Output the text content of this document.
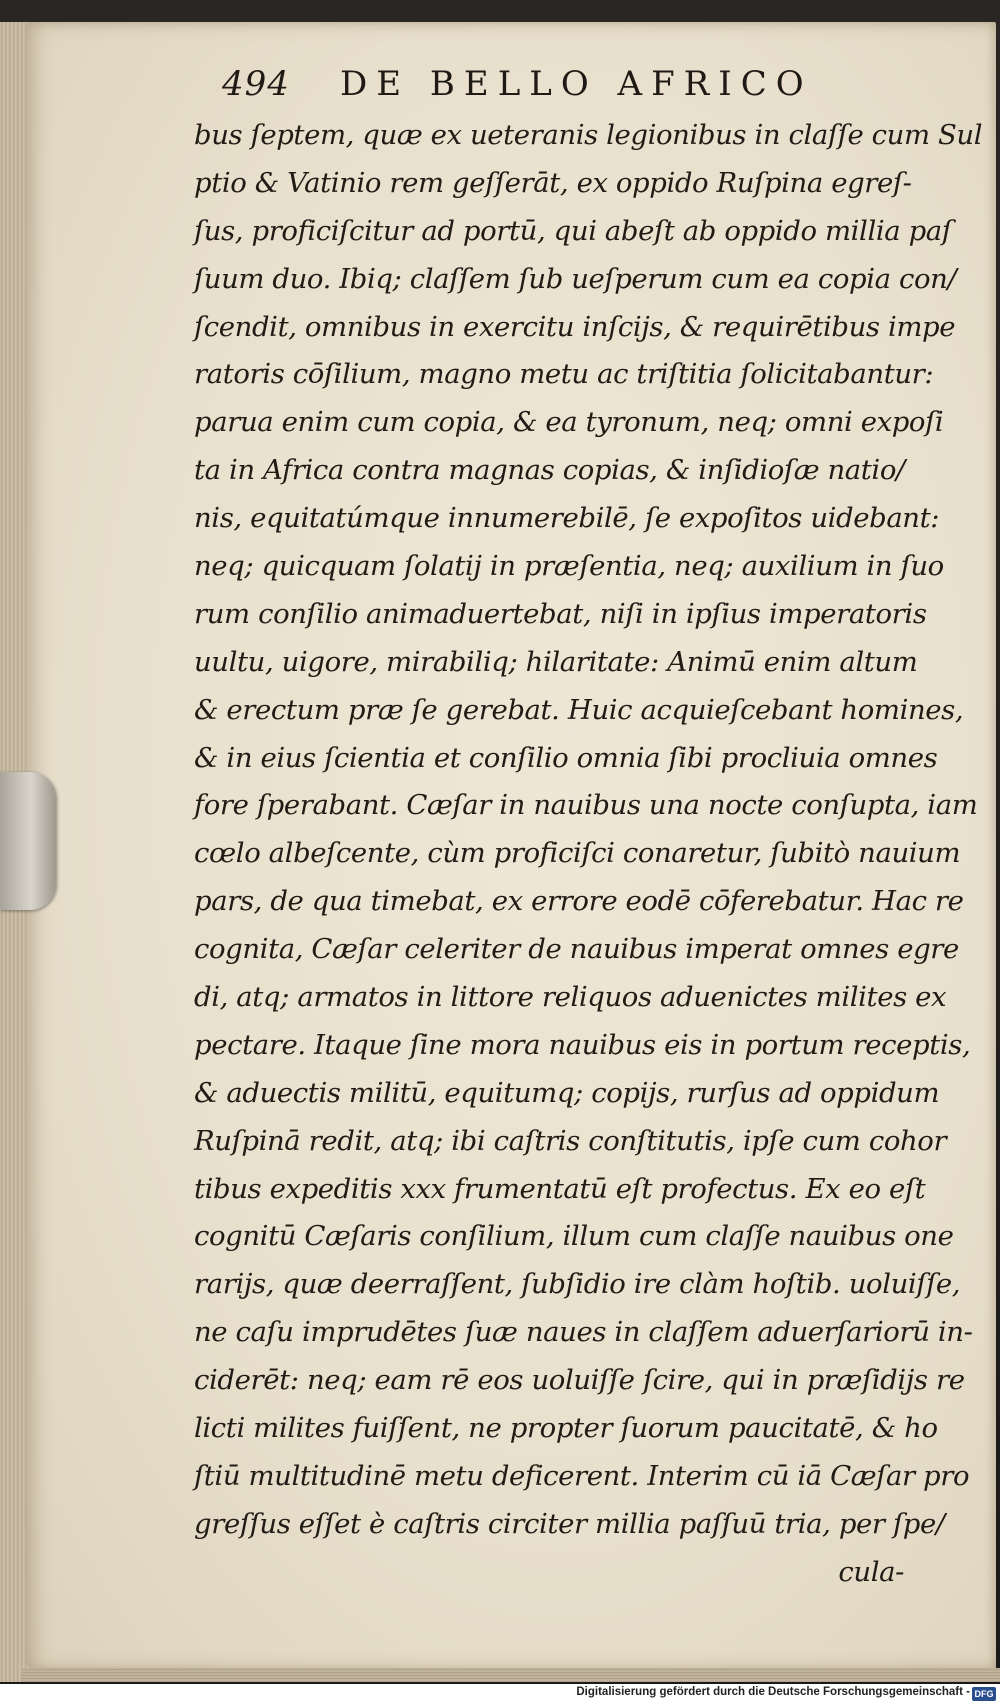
494 DE BELLO AFRICO
bus ſeptem, quæ ex ueteranis legionibus in claſſe cum Sul
ptio & Vatinio rem geſſerāt, ex oppido Ruſpina egreſ-
ſus, proficiſcitur ad portū, qui abeſt ab oppido millia paſ
ſuum duo. Ibiq; claſſem ſub ueſperum cum ea copia con/
ſcendit, omnibus in exercitu inſcijs, & requirētibus impe
ratoris cōſilium, magno metu ac triſtitia ſolicitabantur:
parua enim cum copia, & ea tyronum, neq; omni expoſi
ta in Africa contra magnas copias, & inſidioſæ natio/
nis, equitatúmque innumerebilē, ſe expoſitos uidebant:
neq; quicquam ſolatij in præſentia, neq; auxilium in ſuo
rum conſilio animaduertebat, niſi in ipſius imperatoris
uultu, uigore, mirabiliq; hilaritate: Animū enim altum
& erectum præ ſe gerebat. Huic acquieſcebant homines,
& in eius ſcientia et conſilio omnia ſibi procliuia omnes
fore ſperabant. Cæſar in nauibus una nocte conſupta, iam
cœlo albeſcente, cùm proficiſci conaretur, ſubitò nauium
pars, de qua timebat, ex errore eodē cōferebatur. Hac re
cognita, Cæſar celeriter de nauibus imperat omnes egre
di, atq; armatos in littore reliquos aduenictes milites ex
pectare. Itaque ſine mora nauibus eis in portum receptis,
& aduectis militū, equitumq; copijs, rurſus ad oppidum
Ruſpinā redit, atq; ibi caſtris conſtitutis, ipſe cum cohor
tibus expeditis xxx frumentatū eſt profectus. Ex eo eſt
cognitū Cæſaris conſilium, illum cum claſſe nauibus one
rarijs, quæ deerraſſent, ſubſidio ire clàm hoſtib. uoluiſſe,
ne caſu imprudētes ſuæ naues in claſſem aduerſariorū in-
ciderēt: neq; eam rē eos uoluiſſe ſcire, qui in præſidijs re
licti milites fuiſſent, ne propter ſuorum paucitatē, & ho
ſtiū multitudinē metu deficerent. Interim cū iā Cæſar pro
greſſus eſſet è caſtris circiter millia paſſuū tria, per ſpe/
cula-
Digitalisierung gefördert durch die Deutsche Forschungsgemeinschaft - DFG
